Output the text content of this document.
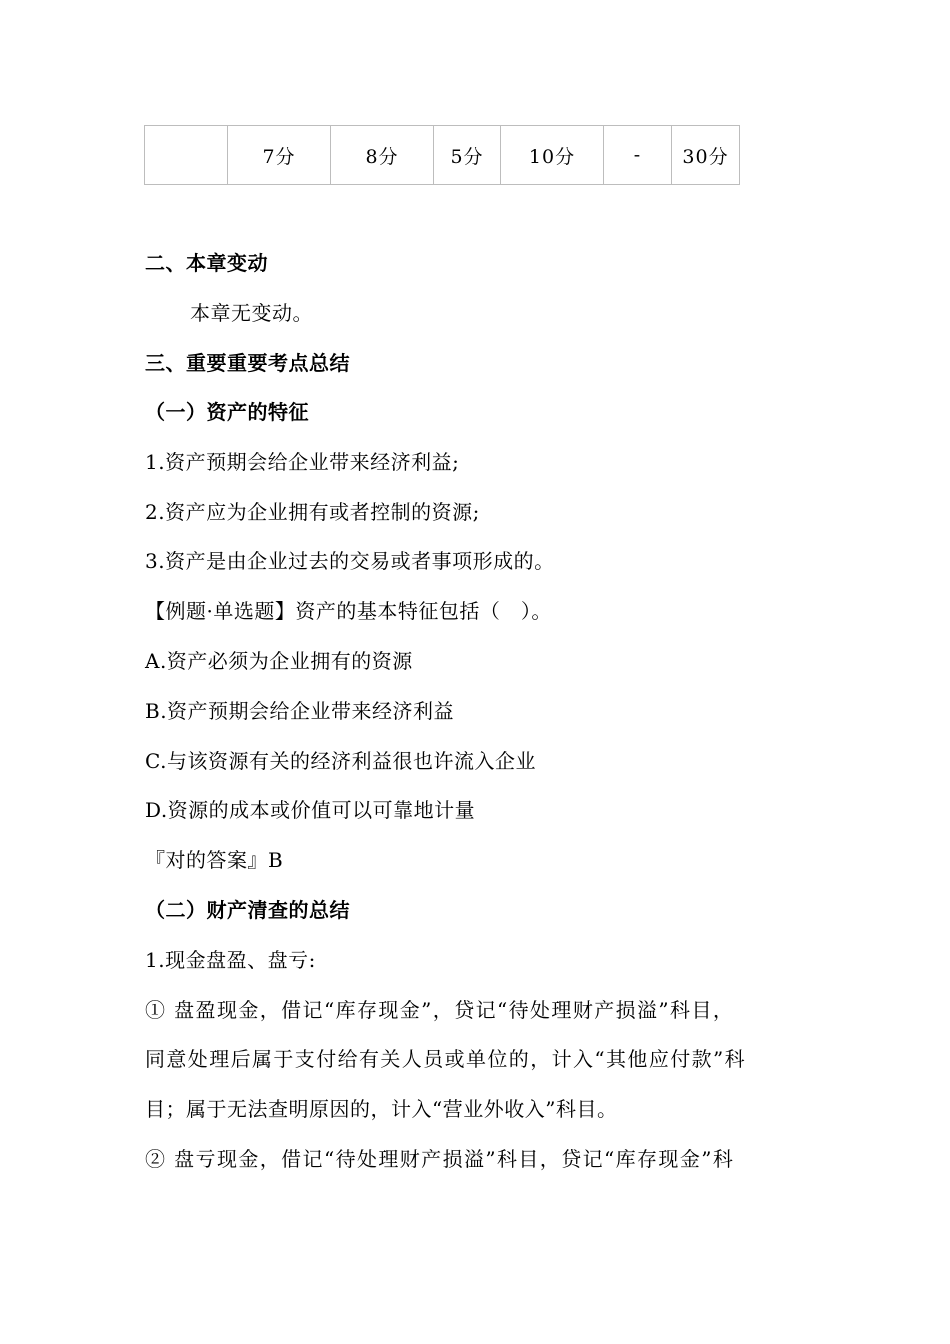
	7分	8分	5分	10分	-	30分
二、本章变动
本章无变动。
三、重要重要考点总结
（一）资产的特征
1.资产预期会给企业带来经济利益;
2.资产应为企业拥有或者控制的资源;
3.资产是由企业过去的交易或者事项形成的。
【例题·单选题】资产的基本特征包括（　）。
A.资产必须为企业拥有的资源
B.资产预期会给企业带来经济利益
C.与该资源有关的经济利益很也许流入企业
D.资源的成本或价值可以可靠地计量
『对的答案』B
（二）财产清查的总结
1.现金盘盈、盘亏:
① 盘盈现金，借记“库存现金”，贷记“待处理财产损溢”科目，
同意处理后属于支付给有关人员或单位的，计入“其他应付款”科
目；属于无法查明原因的，计入“营业外收入”科目。
② 盘亏现金，借记“待处理财产损溢”科目，贷记“库存现金”科
